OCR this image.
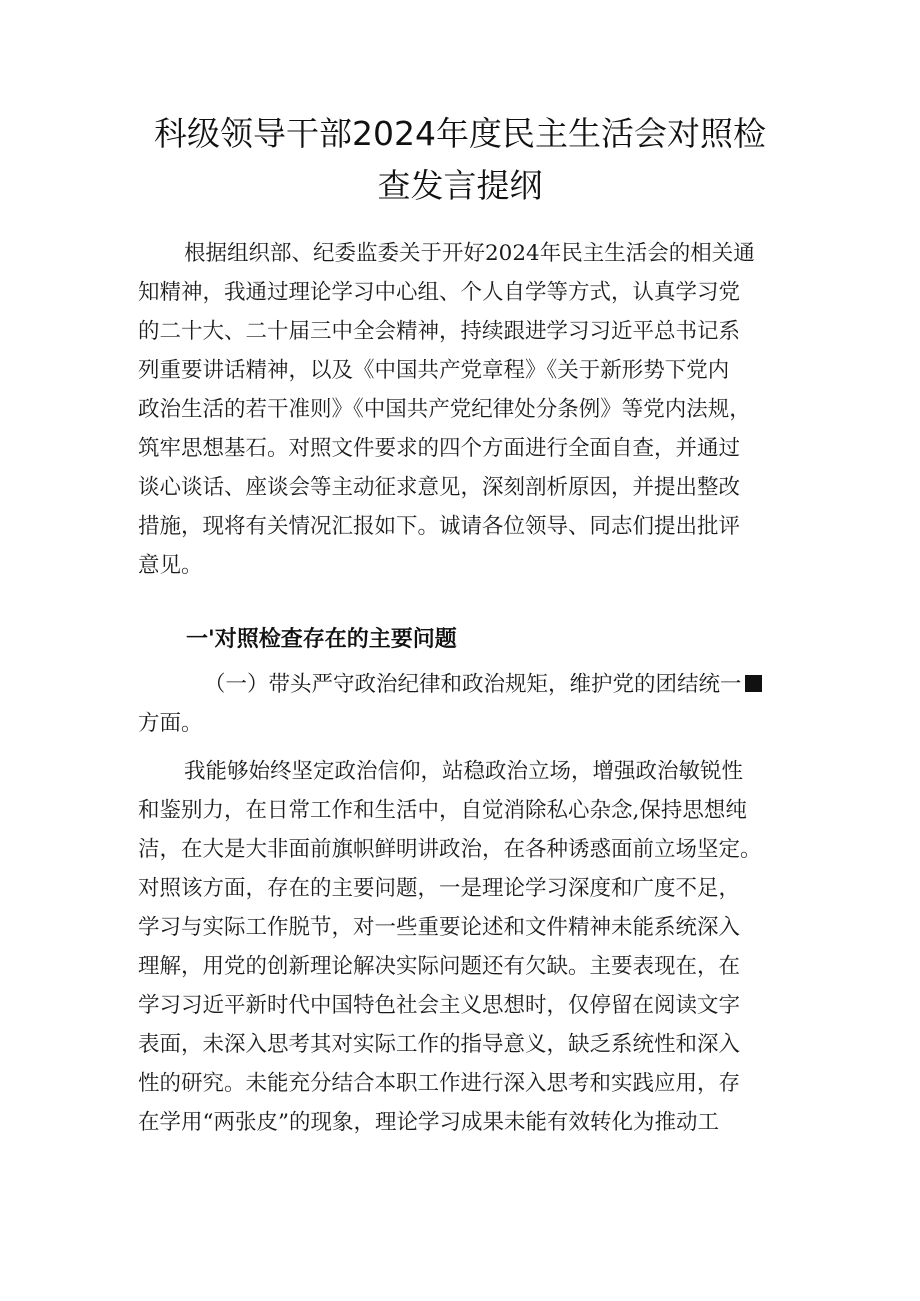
科级领导干部2024年度民主生活会对照检
查发言提纲
根据组织部、纪委监委关于开好2024年民主生活会的相关通
知精神，我通过理论学习中心组、个人自学等方式，认真学习党
的二十大、二十届三中全会精神，持续跟进学习习近平总书记系
列重要讲话精神，以及《中国共产党章程》《关于新形势下党内
政治生活的若干准则》《中国共产党纪律处分条例》等党内法规，
筑牢思想基石。对照文件要求的四个方面进行全面自查，并通过
谈心谈话、座谈会等主动征求意见，深刻剖析原因，并提出整改
措施，现将有关情况汇报如下。诚请各位领导、同志们提出批评
意见。
一'对照检查存在的主要问题
（一）带头严守政治纪律和政治规矩，维护党的团结统一
方面。
我能够始终坚定政治信仰，站稳政治立场，增强政治敏锐性
和鉴别力，在日常工作和生活中，自觉消除私心杂念,保持思想纯
洁，在大是大非面前旗帜鲜明讲政治，在各种诱惑面前立场坚定。
对照该方面，存在的主要问题，一是理论学习深度和广度不足，
学习与实际工作脱节，对一些重要论述和文件精神未能系统深入
理解，用党的创新理论解决实际问题还有欠缺。主要表现在，在
学习习近平新时代中国特色社会主义思想时，仅停留在阅读文字
表面，未深入思考其对实际工作的指导意义，缺乏系统性和深入
性的研究。未能充分结合本职工作进行深入思考和实践应用，存
在学用“两张皮”的现象，理论学习成果未能有效转化为推动工
